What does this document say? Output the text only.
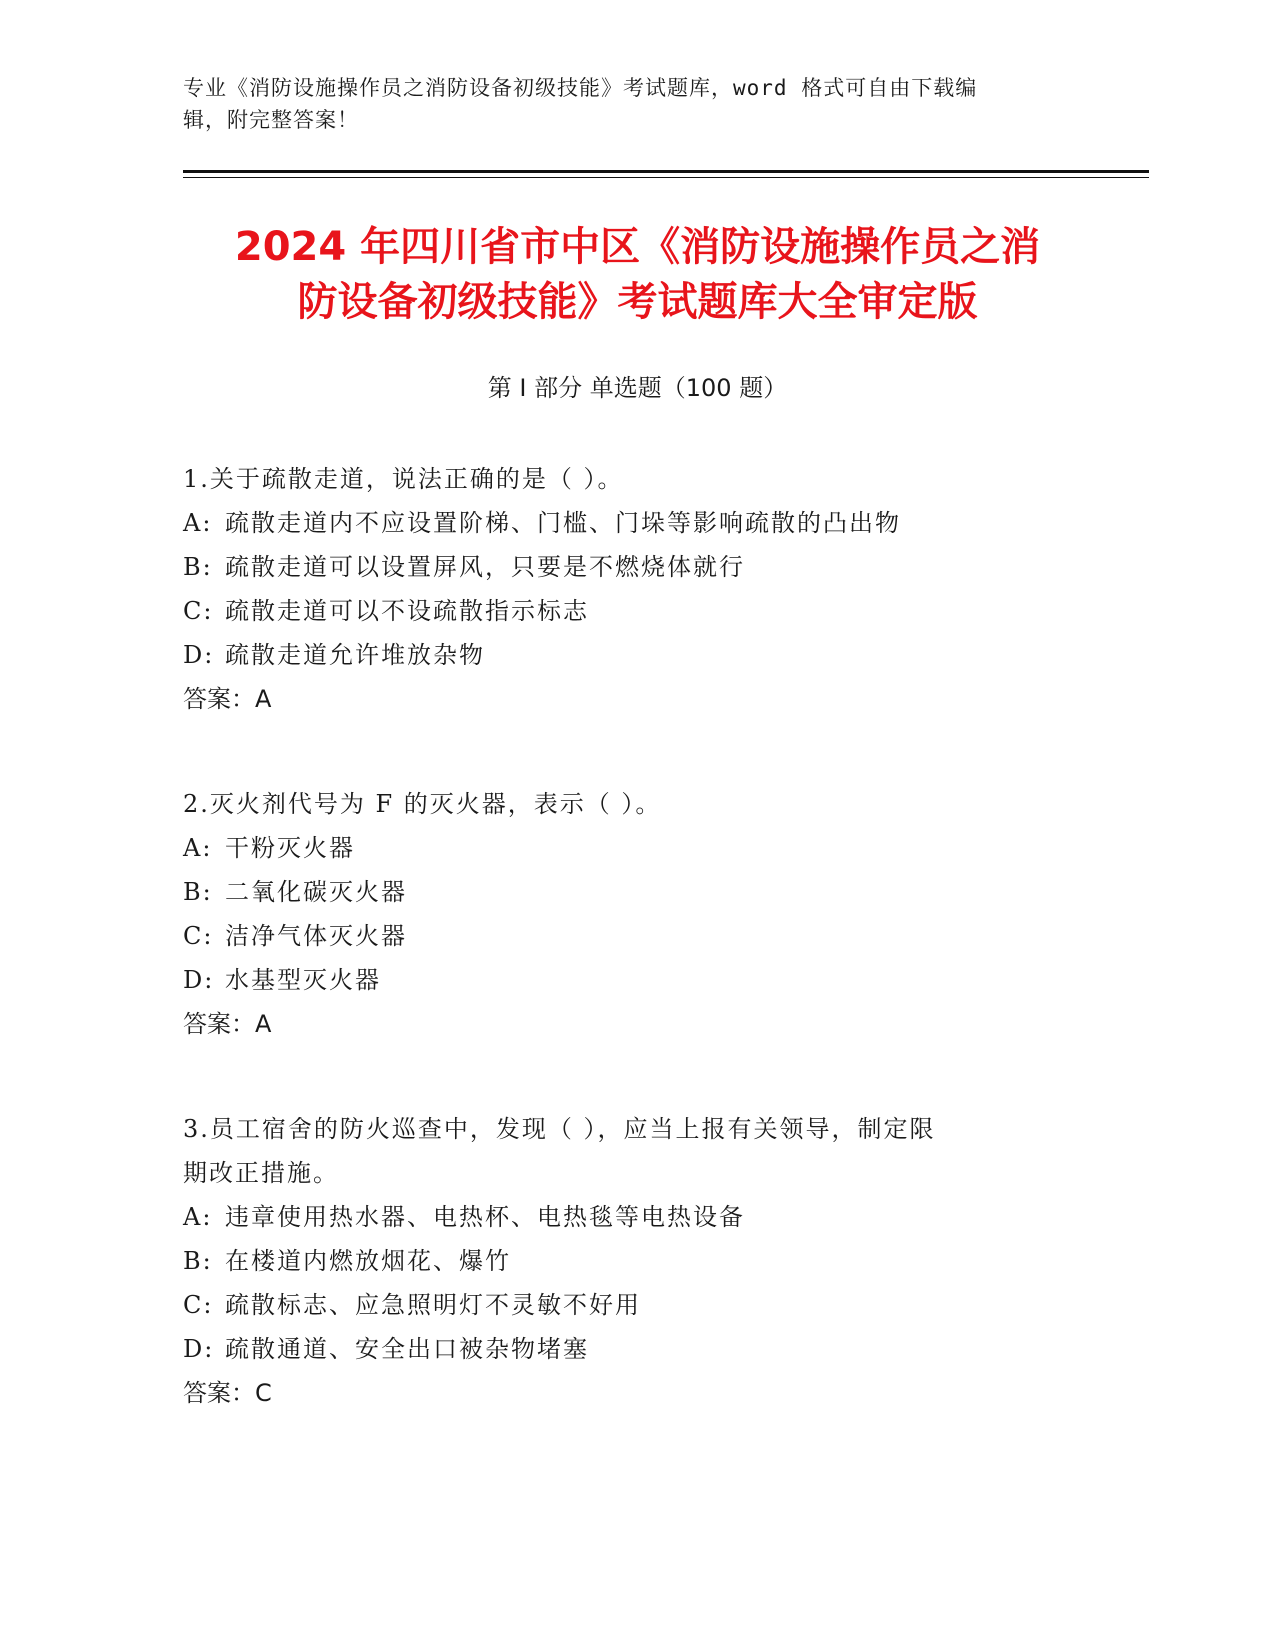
专业《消防设施操作员之消防设备初级技能》考试题库，word 格式可自由下载编
辑，附完整答案！
2024 年四川省市中区《消防设施操作员之消
防设备初级技能》考试题库大全审定版
第 I 部分 单选题（100 题）
1.关于疏散走道，说法正确的是（ ）。
A: 疏散走道内不应设置阶梯、门槛、门垛等影响疏散的凸出物
B: 疏散走道可以设置屏风，只要是不燃烧体就行
C: 疏散走道可以不设疏散指示标志
D: 疏散走道允许堆放杂物
答案：A
2.灭火剂代号为 F 的灭火器，表示（ ）。
A: 干粉灭火器
B: 二氧化碳灭火器
C: 洁净气体灭火器
D: 水基型灭火器
答案：A
3.员工宿舍的防火巡查中，发现（ ），应当上报有关领导，制定限
期改正措施。
A: 违章使用热水器、电热杯、电热毯等电热设备
B: 在楼道内燃放烟花、爆竹
C: 疏散标志、应急照明灯不灵敏不好用
D: 疏散通道、安全出口被杂物堵塞
答案：C
